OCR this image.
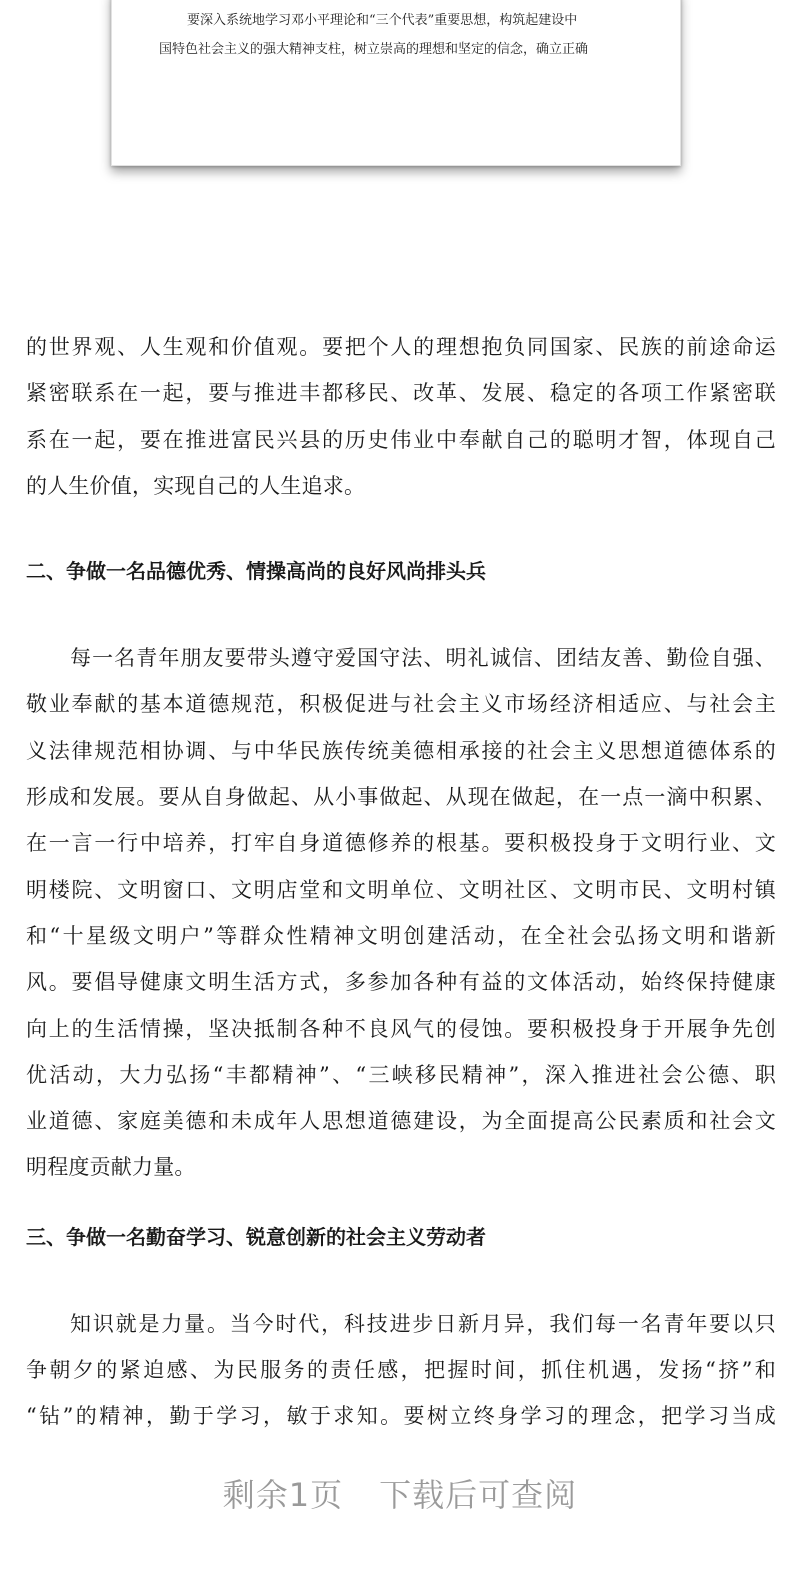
要深入系统地学习邓小平理论和“三个代表”重要思想，构筑起建设中

国特色社会主义的强大精神支柱，树立崇高的理想和坚定的信念，确立正确

的世界观、人生观和价值观。要把个人的理想抱负同国家、民族的前途命运
紧密联系在一起，要与推进丰都移民、改革、发展、稳定的各项工作紧密联
系在一起，要在推进富民兴县的历史伟业中奉献自己的聪明才智，体现自己
的人生价值，实现自己的人生追求。
二、争做一名品德优秀、情操高尚的良好风尚排头兵
每一名青年朋友要带头遵守爱国守法、明礼诚信、团结友善、勤俭自强、
敬业奉献的基本道德规范，积极促进与社会主义市场经济相适应、与社会主
义法律规范相协调、与中华民族传统美德相承接的社会主义思想道德体系的
形成和发展。要从自身做起、从小事做起、从现在做起，在一点一滴中积累、
在一言一行中培养，打牢自身道德修养的根基。要积极投身于文明行业、文
明楼院、文明窗口、文明店堂和文明单位、文明社区、文明市民、文明村镇
和“十星级文明户”等群众性精神文明创建活动，在全社会弘扬文明和谐新
风。要倡导健康文明生活方式，多参加各种有益的文体活动，始终保持健康
向上的生活情操，坚决抵制各种不良风气的侵蚀。要积极投身于开展争先创
优活动，大力弘扬“丰都精神”、“三峡移民精神”，深入推进社会公德、职
业道德、家庭美德和未成年人思想道德建设，为全面提高公民素质和社会文
明程度贡献力量。
三、争做一名勤奋学习、锐意创新的社会主义劳动者
知识就是力量。当今时代，科技进步日新月异，我们每一名青年要以只
争朝夕的紧迫感、为民服务的责任感，把握时间，抓住机遇，发扬“挤”和
“钻”的精神，勤于学习，敏于求知。要树立终身学习的理念，把学习当成
剩余1页 下载后可查阅
